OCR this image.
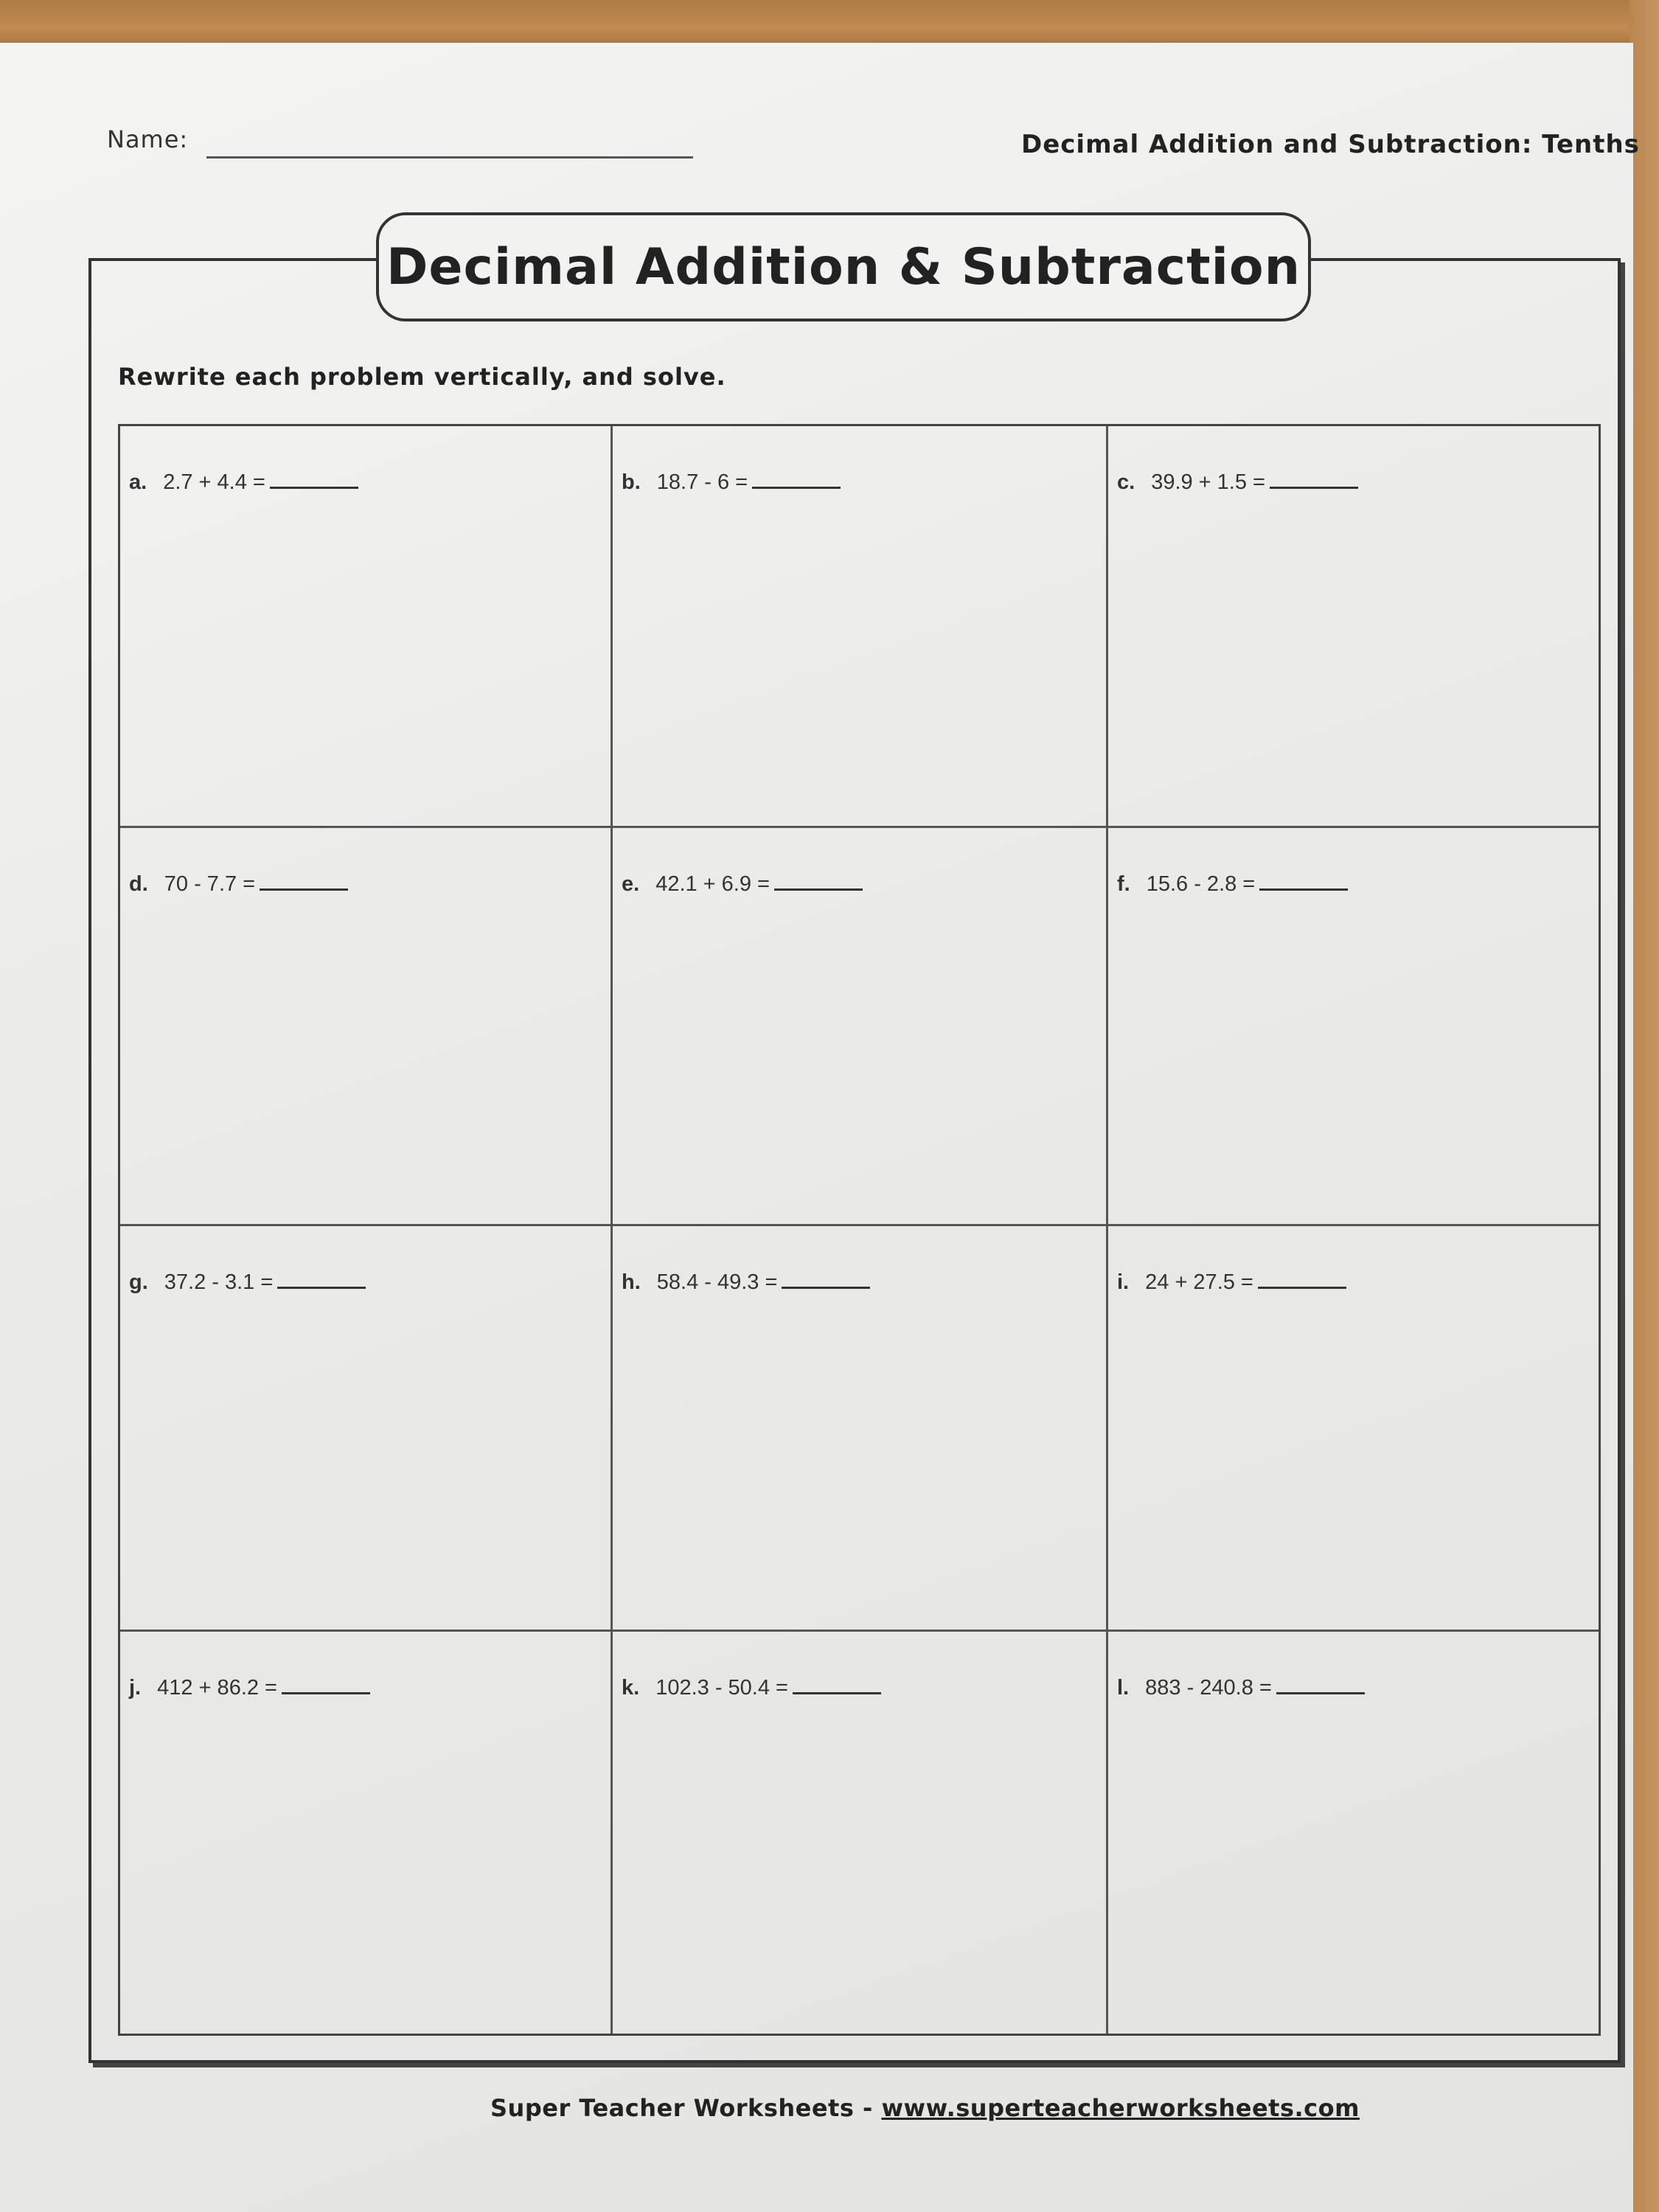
Name:	Decimal Addition and Subtraction: Tenths
Decimal Addition & Subtraction
Rewrite each problem vertically, and solve.
a. 2.7 + 4.4 =	b. 18.7 - 6 =	c. 39.9 + 1.5 =
d. 70 - 7.7 =	e. 42.1 + 6.9 =	f. 15.6 - 2.8 =
g. 37.2 - 3.1 =	h. 58.4 - 49.3 =	i. 24 + 27.5 =
j. 412 + 86.2 =	k. 102.3 - 50.4 =	l. 883 - 240.8 =
Super Teacher Worksheets - www.superteacherworksheets.com
